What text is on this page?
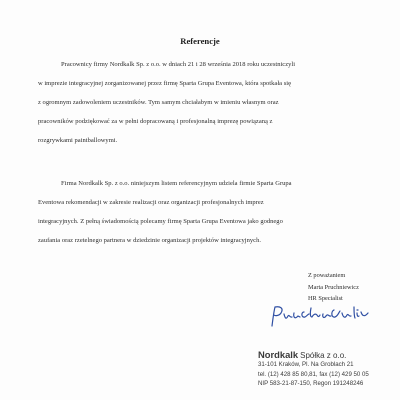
Referencje
Pracownicy firmy Nordkalk Sp. z o.o. w dniach 21 i 28 września 2018 roku uczestniczyli
w imprezie integracyjnej zorganizowanej przez firmę Sparta Grupa Eventowa, która spotkała się
z ogromnym zadowoleniem uczestników. Tym samym chciałabym w imieniu własnym oraz
pracowników podziękować za w pełni dopracowaną i profesjonalną imprezę powiązaną z
rozgrywkami paintballowymi.
Firma Nordkalk Sp. z o.o. niniejszym listem referencyjnym udziela firmie Sparta Grupa
Eventowa rekomendacji w zakresie realizacji oraz organizacji profesjonalnych imprez
integracyjnych. Z pełną świadomością polecamy firmę Sparta Grupa Eventowa jako godnego
zaufania oraz rzetelnego partnera w dziedzinie organizacji projektów integracyjnych.
Z poważaniem
Marta Pruchniewicz
HR Specialist
Nordkalk Spółka z o.o.
31-101 Kraków, Pl. Na Groblach 21
tel. (12) 428 85 80,81, fax (12) 429 50 05
NIP 583-21-87-150, Regon 191248246
